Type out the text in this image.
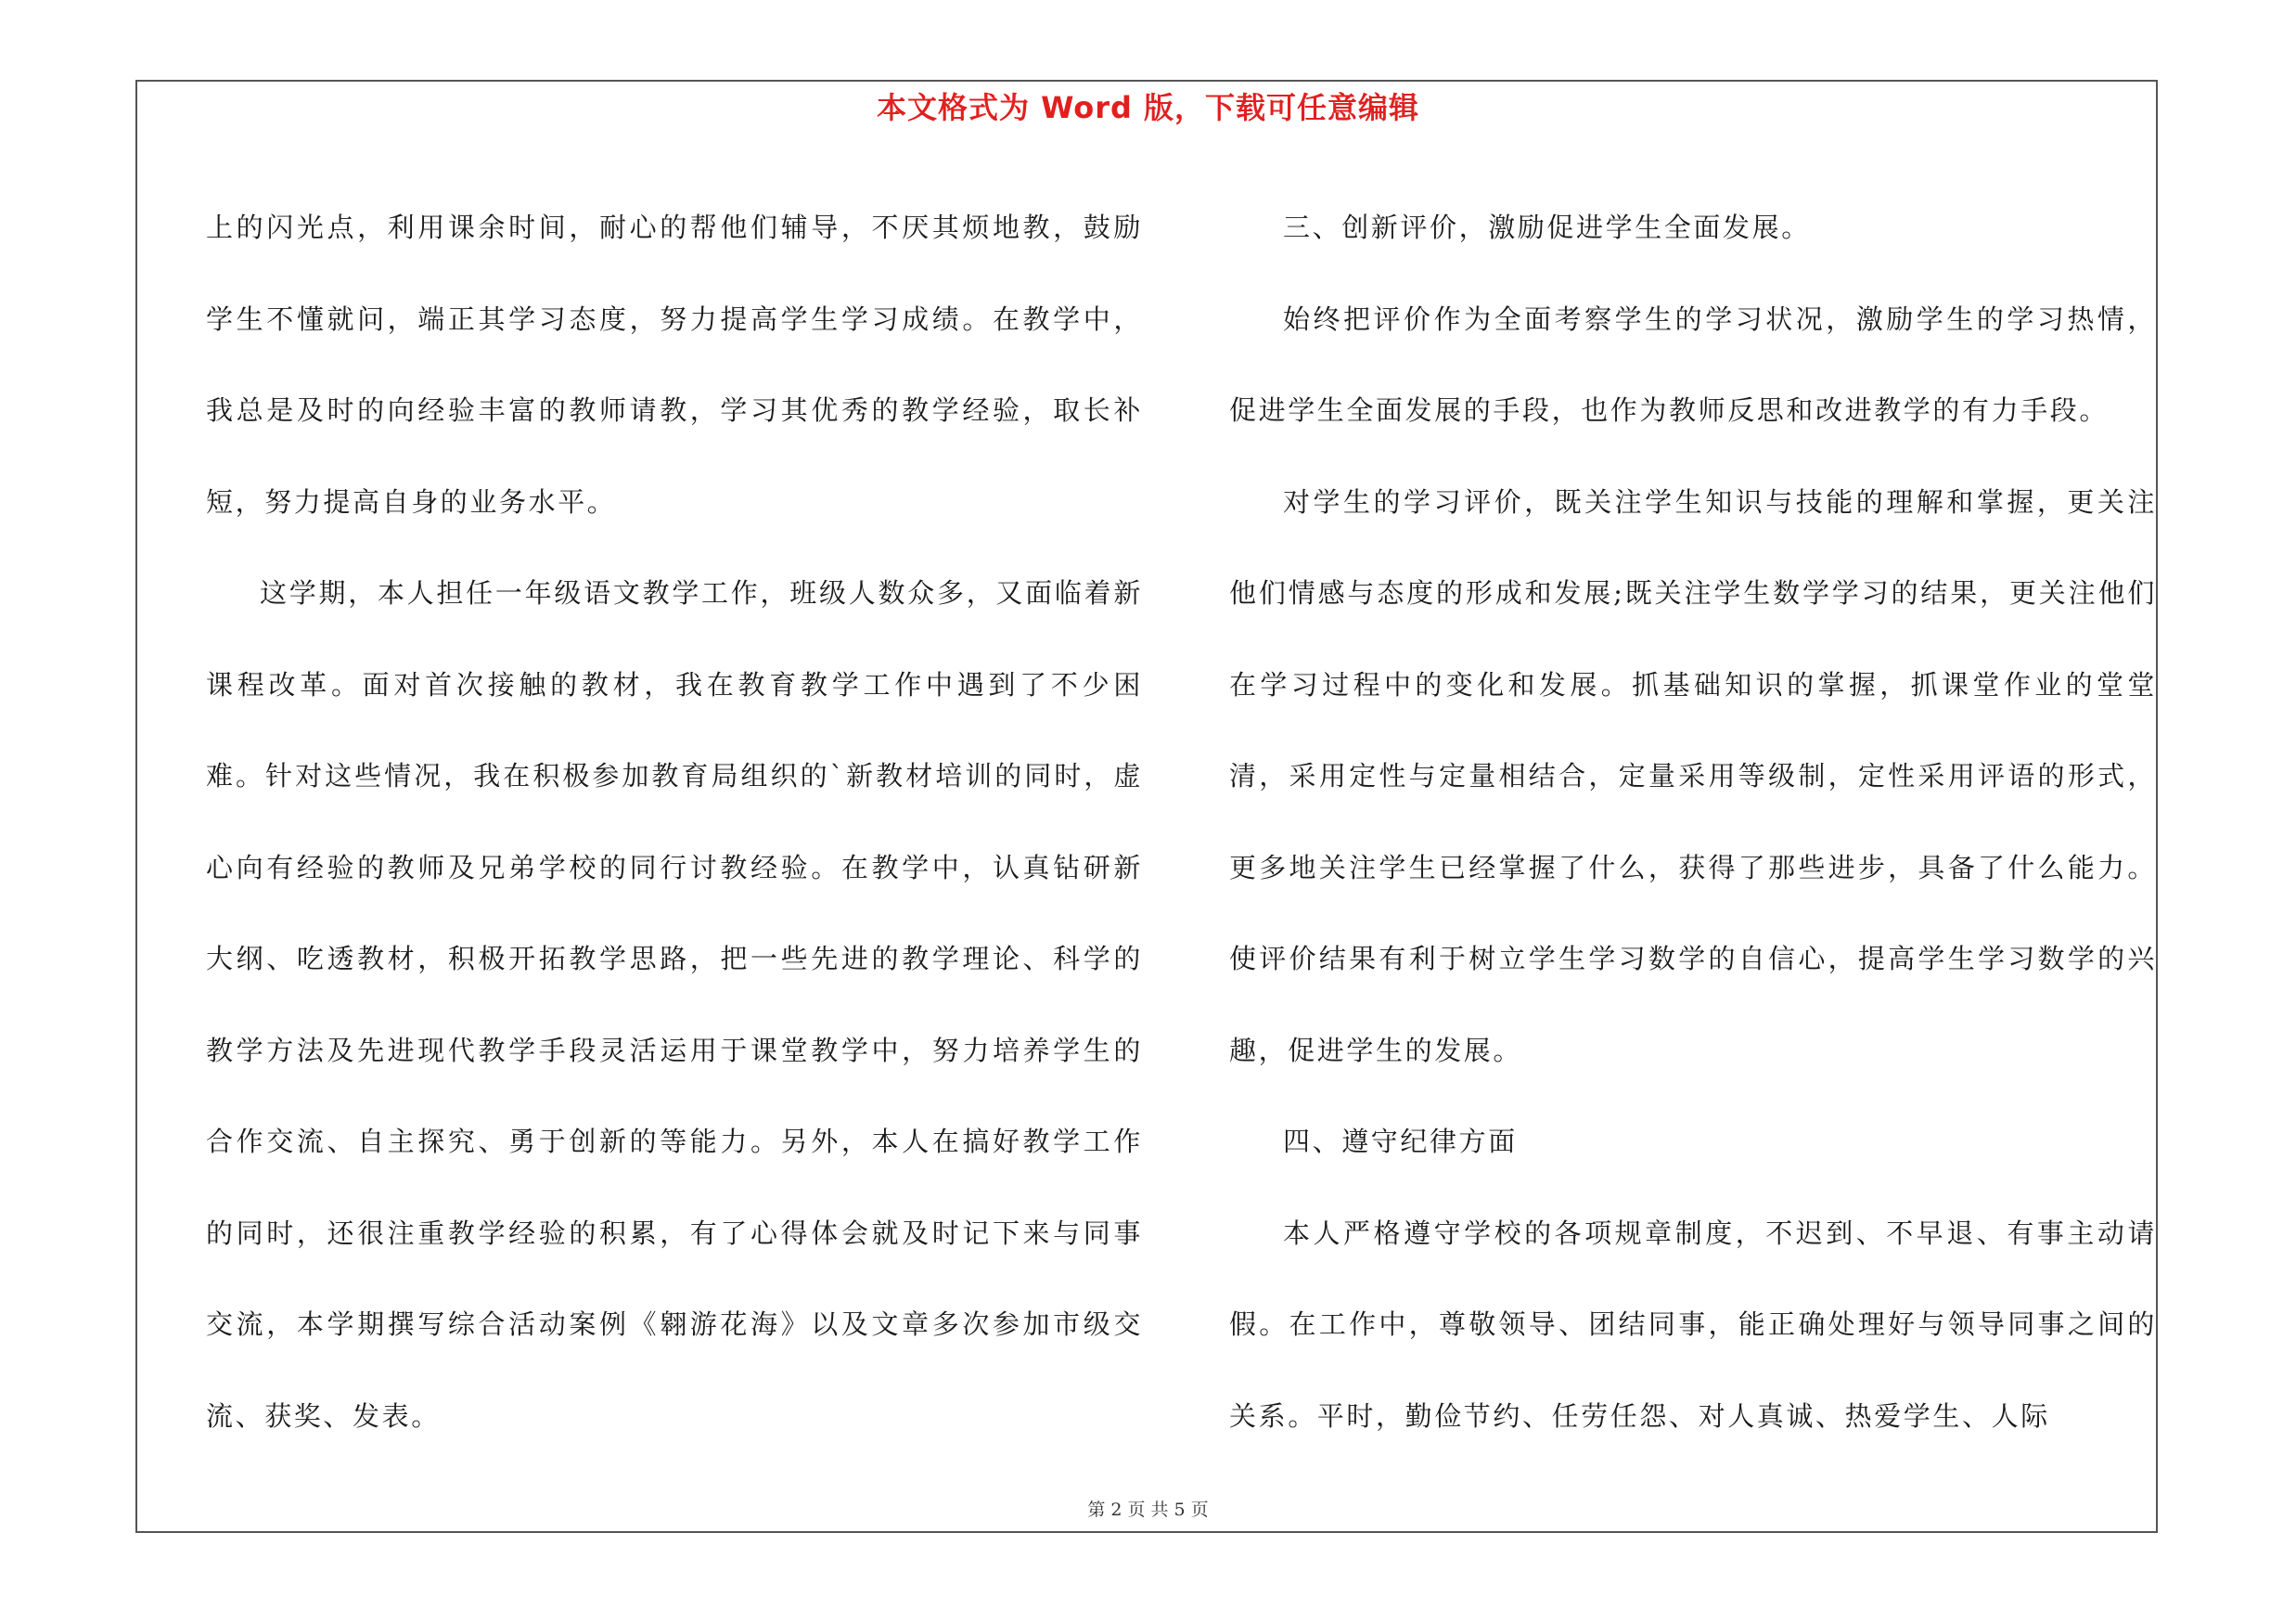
本文格式为 Word 版，下载可任意编辑

上的闪光点，利用课余时间，耐心的帮他们辅导，不厌其烦地教，鼓励学生不懂就问，端正其学习态度，努力提高学生学习成绩。在教学中，我总是及时的向经验丰富的教师请教，学习其优秀的教学经验，取长补短，努力提高自身的业务水平。

这学期，本人担任一年级语文教学工作，班级人数众多，又面临着新课程改革。面对首次接触的教材，我在教育教学工作中遇到了不少困难。针对这些情况，我在积极参加教育局组织的`新教材培训的同时，虚心向有经验的教师及兄弟学校的同行讨教经验。在教学中，认真钻研新大纲、吃透教材，积极开拓教学思路，把一些先进的教学理论、科学的教学方法及先进现代教学手段灵活运用于课堂教学中，努力培养学生的合作交流、自主探究、勇于创新的等能力。另外，本人在搞好教学工作的同时，还很注重教学经验的积累，有了心得体会就及时记下来与同事交流，本学期撰写综合活动案例《翱游花海》以及文章多次参加市级交流、获奖、发表。

三、创新评价，激励促进学生全面发展。

始终把评价作为全面考察学生的学习状况，激励学生的学习热情，促进学生全面发展的手段，也作为教师反思和改进教学的有力手段。

对学生的学习评价，既关注学生知识与技能的理解和掌握，更关注他们情感与态度的形成和发展;既关注学生数学学习的结果，更关注他们在学习过程中的变化和发展。抓基础知识的掌握，抓课堂作业的堂堂清，采用定性与定量相结合，定量采用等级制，定性采用评语的形式，更多地关注学生已经掌握了什么，获得了那些进步，具备了什么能力。使评价结果有利于树立学生学习数学的自信心，提高学生学习数学的兴趣，促进学生的发展。

四、遵守纪律方面

本人严格遵守学校的各项规章制度，不迟到、不早退、有事主动请假。在工作中，尊敬领导、团结同事，能正确处理好与领导同事之间的关系。平时，勤俭节约、任劳任怨、对人真诚、热爱学生、人际

第 2 页 共 5 页
